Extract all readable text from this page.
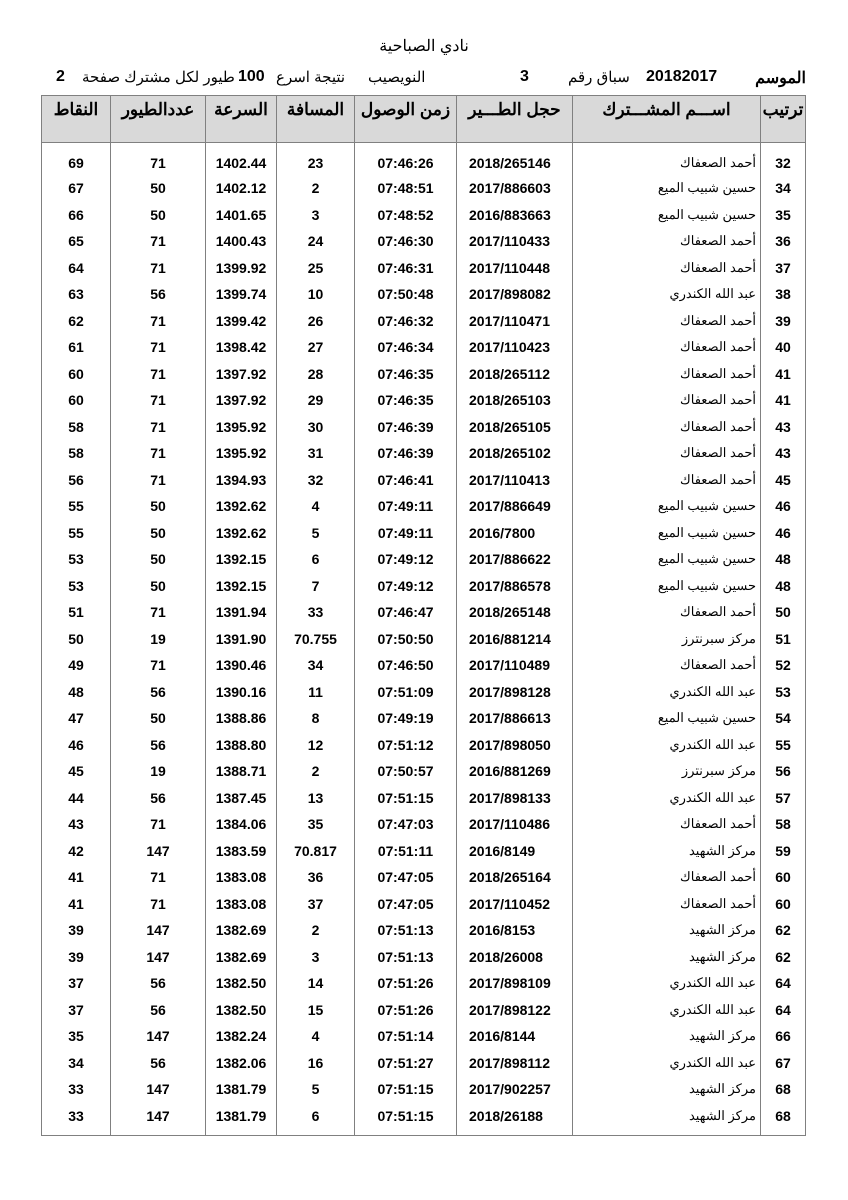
نادي الصباحية
الموسم
20182017
سباق رقم
3
النويصيب
نتيجة اسرع
100
طيور لكل مشترك صفحة
2
ترتيب	اســـم المشـــترك	حجل الطـــير	زمن الوصول	المسافة	السرعة	عددالطيور	النقاط
32	أحمد الصعفاك	2018/265146	07:46:26	23	1402.44	71	69
34	حسين شبيب الميع	2017/886603	07:48:51	2	1402.12	50	67
35	حسين شبيب الميع	2016/883663	07:48:52	3	1401.65	50	66
36	أحمد الصعفاك	2017/110433	07:46:30	24	1400.43	71	65
37	أحمد الصعفاك	2017/110448	07:46:31	25	1399.92	71	64
38	عبد الله الكندري	2017/898082	07:50:48	10	1399.74	56	63
39	أحمد الصعفاك	2017/110471	07:46:32	26	1399.42	71	62
40	أحمد الصعفاك	2017/110423	07:46:34	27	1398.42	71	61
41	أحمد الصعفاك	2018/265112	07:46:35	28	1397.92	71	60
41	أحمد الصعفاك	2018/265103	07:46:35	29	1397.92	71	60
43	أحمد الصعفاك	2018/265105	07:46:39	30	1395.92	71	58
43	أحمد الصعفاك	2018/265102	07:46:39	31	1395.92	71	58
45	أحمد الصعفاك	2017/110413	07:46:41	32	1394.93	71	56
46	حسين شبيب الميع	2017/886649	07:49:11	4	1392.62	50	55
46	حسين شبيب الميع	2016/7800	07:49:11	5	1392.62	50	55
48	حسين شبيب الميع	2017/886622	07:49:12	6	1392.15	50	53
48	حسين شبيب الميع	2017/886578	07:49:12	7	1392.15	50	53
50	أحمد الصعفاك	2018/265148	07:46:47	33	1391.94	71	51
51	مركز سبرنترز	2016/881214	07:50:50	70.755	1391.90	19	50
52	أحمد الصعفاك	2017/110489	07:46:50	34	1390.46	71	49
53	عبد الله الكندري	2017/898128	07:51:09	11	1390.16	56	48
54	حسين شبيب الميع	2017/886613	07:49:19	8	1388.86	50	47
55	عبد الله الكندري	2017/898050	07:51:12	12	1388.80	56	46
56	مركز سبرنترز	2016/881269	07:50:57	2	1388.71	19	45
57	عبد الله الكندري	2017/898133	07:51:15	13	1387.45	56	44
58	أحمد الصعفاك	2017/110486	07:47:03	35	1384.06	71	43
59	مركز الشهيد	2016/8149	07:51:11	70.817	1383.59	147	42
60	أحمد الصعفاك	2018/265164	07:47:05	36	1383.08	71	41
60	أحمد الصعفاك	2017/110452	07:47:05	37	1383.08	71	41
62	مركز الشهيد	2016/8153	07:51:13	2	1382.69	147	39
62	مركز الشهيد	2018/26008	07:51:13	3	1382.69	147	39
64	عبد الله الكندري	2017/898109	07:51:26	14	1382.50	56	37
64	عبد الله الكندري	2017/898122	07:51:26	15	1382.50	56	37
66	مركز الشهيد	2016/8144	07:51:14	4	1382.24	147	35
67	عبد الله الكندري	2017/898112	07:51:27	16	1382.06	56	34
68	مركز الشهيد	2017/902257	07:51:15	5	1381.79	147	33
68	مركز الشهيد	2018/26188	07:51:15	6	1381.79	147	33
